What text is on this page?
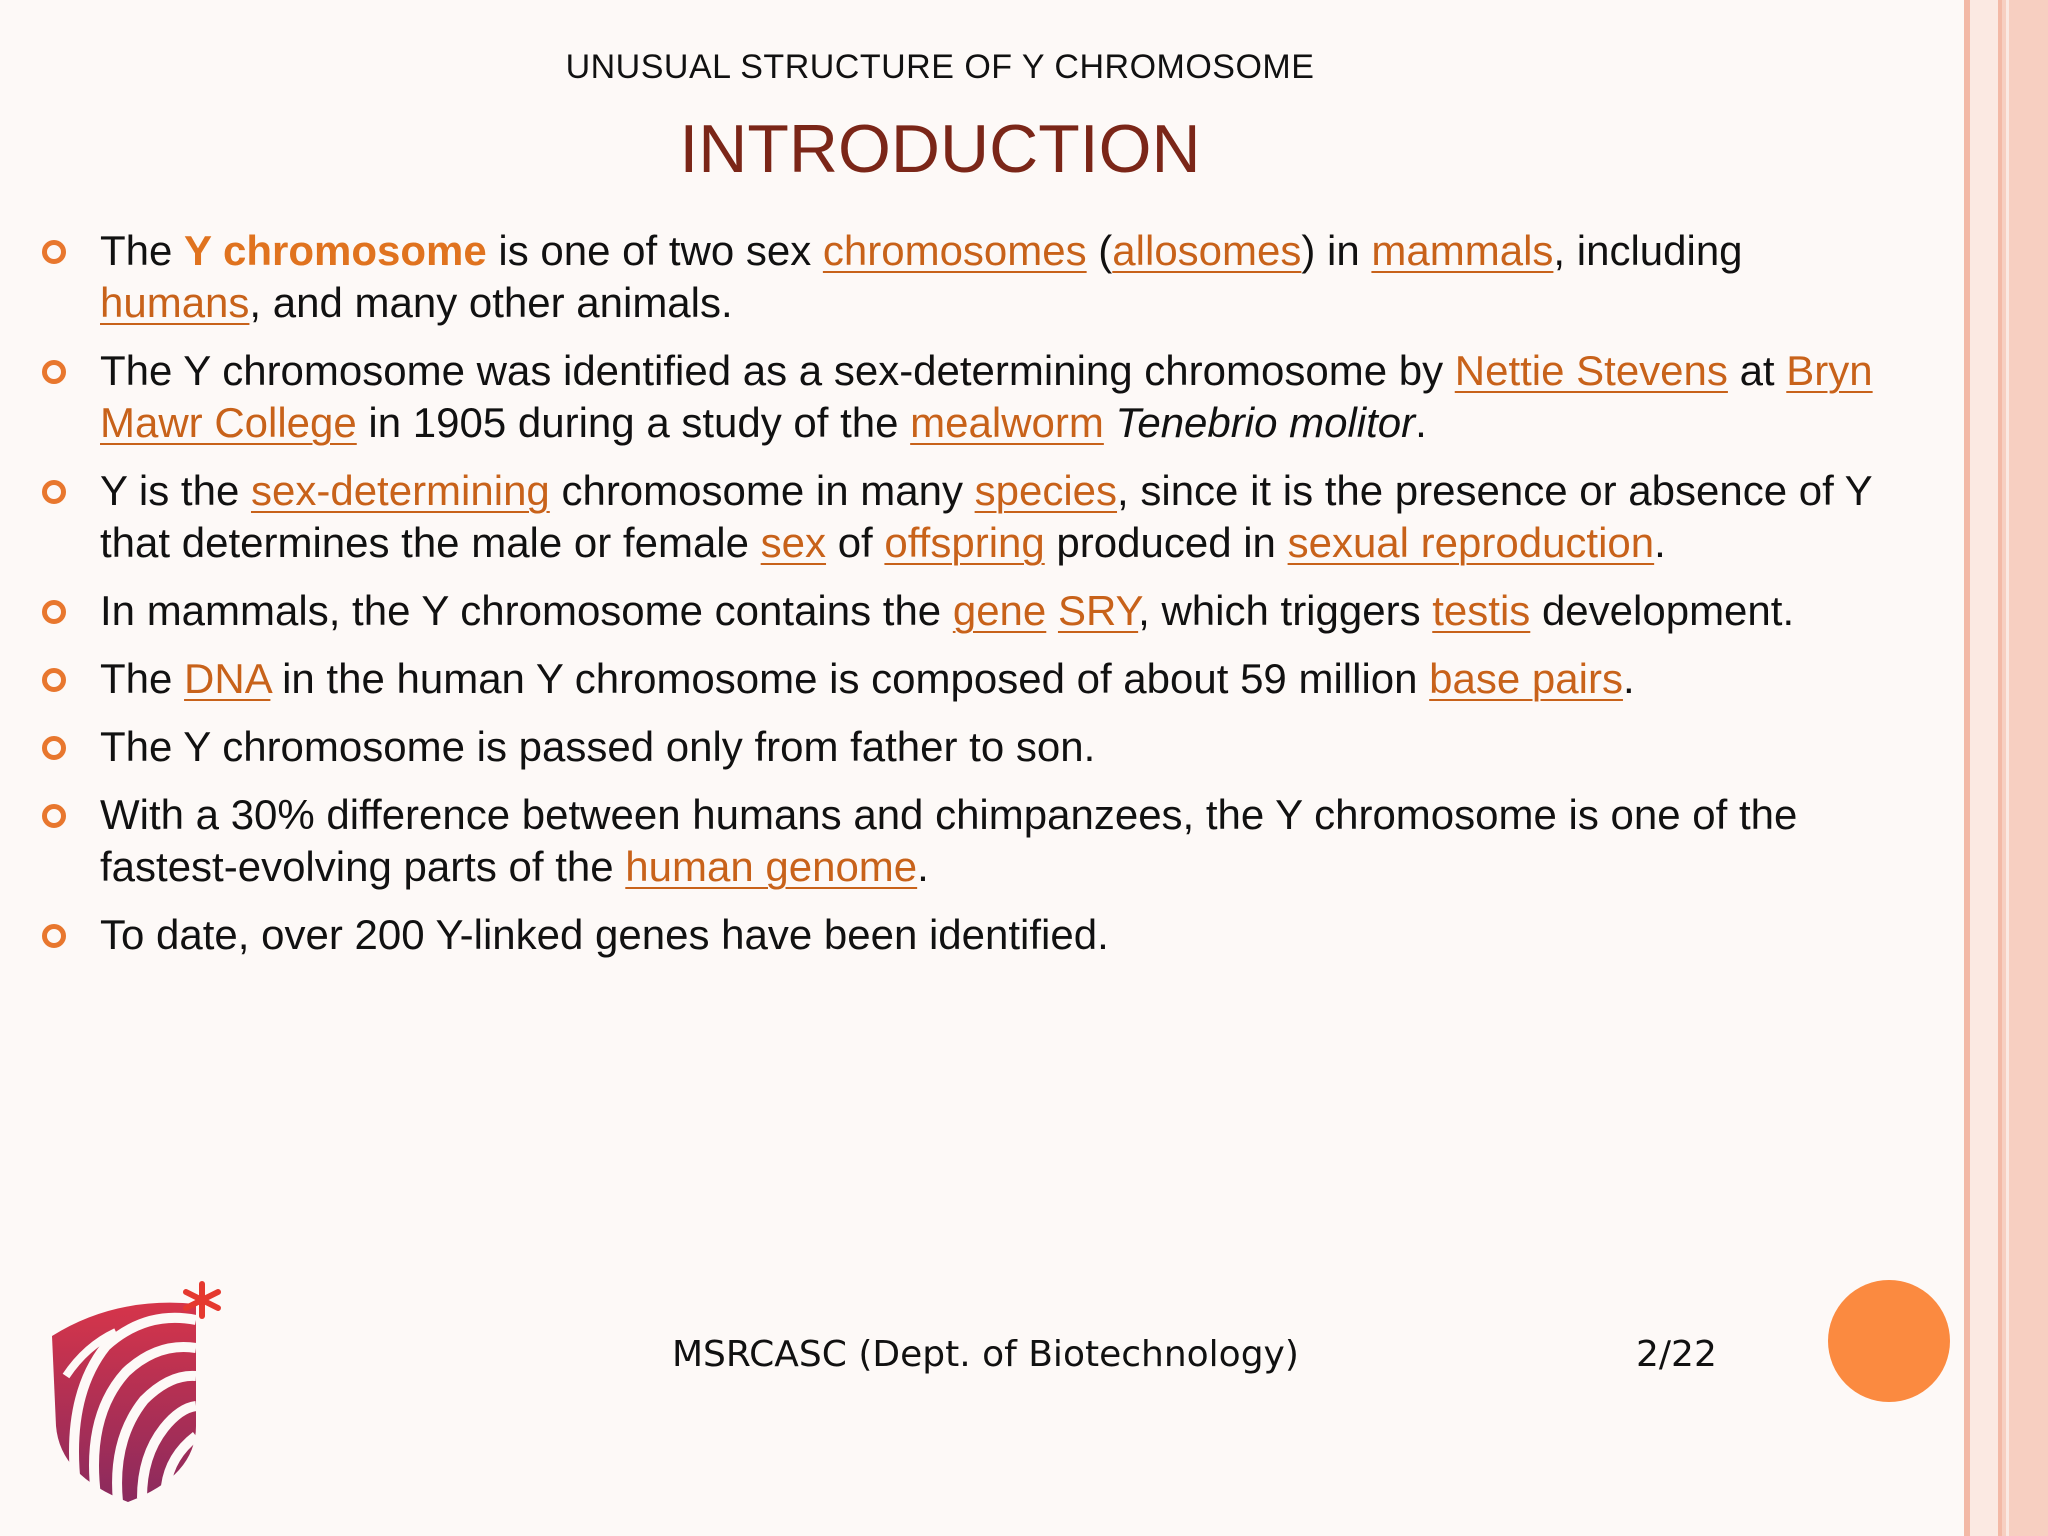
UNUSUAL STRUCTURE OF Y CHROMOSOME
INTRODUCTION
The Y chromosome is one of two sex chromosomes (allosomes) in mammals, including humans, and many other animals.
The Y chromosome was identified as a sex-determining chromosome by Nettie Stevens at Bryn Mawr College in 1905 during a study of the mealworm Tenebrio molitor.
Y is the sex-determining chromosome in many species, since it is the presence or absence of Y that determines the male or female sex of offspring produced in sexual reproduction.
In mammals, the Y chromosome contains the gene SRY, which triggers testis development.
The DNA in the human Y chromosome is composed of about 59 million base pairs.
The Y chromosome is passed only from father to son.
With a 30% difference between humans and chimpanzees, the Y chromosome is one of the fastest-evolving parts of the human genome.
To date, over 200 Y-linked genes have been identified.
MSRCASC (Dept. of Biotechnology)	2/22
